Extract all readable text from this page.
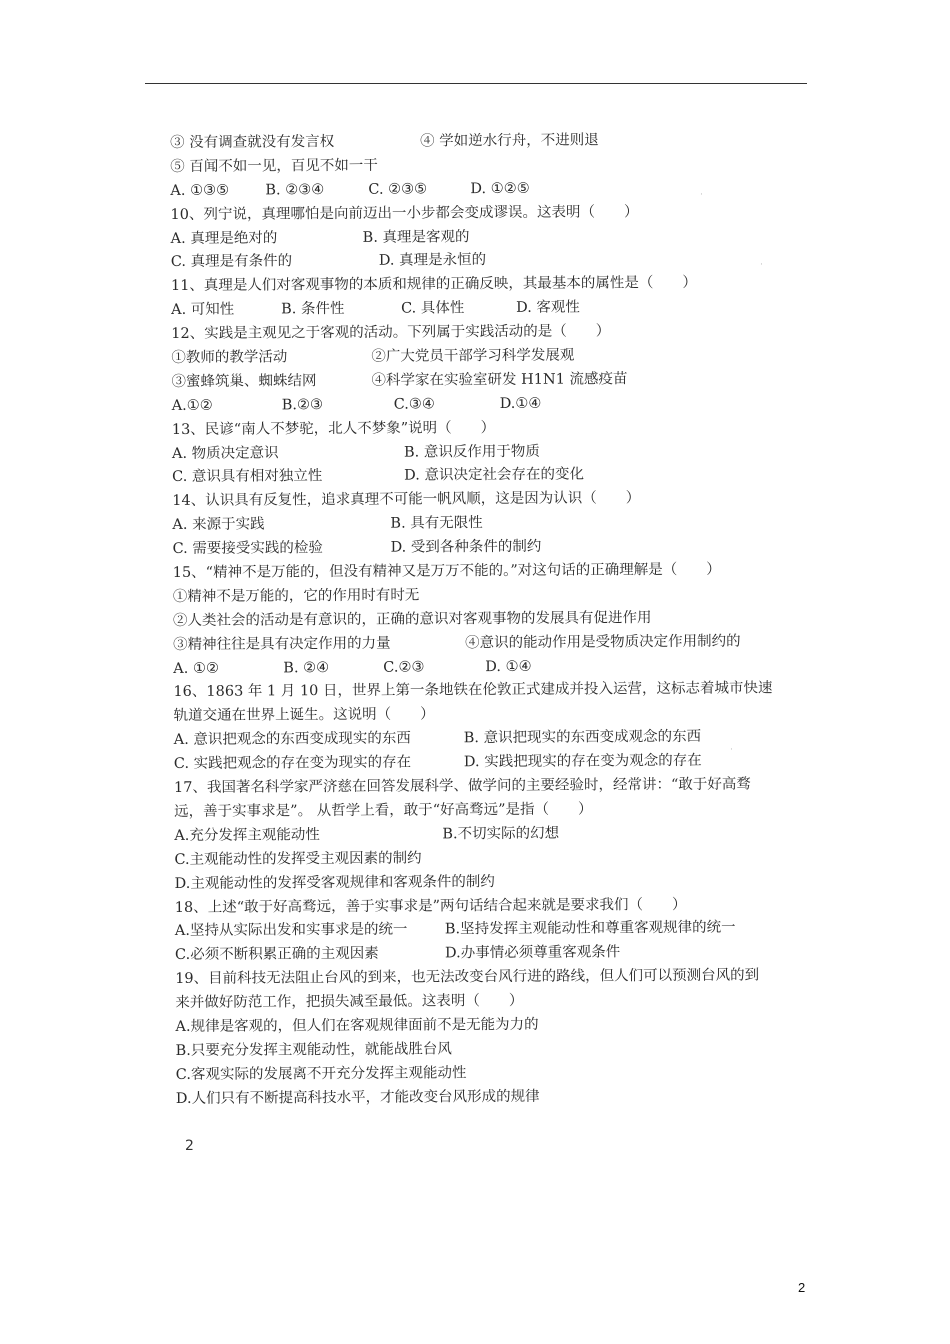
③ 没有调查就没有发言权	④ 学如逆水行舟，不进则退
⑤ 百闻不如一见，百见不如一干
A. ①③⑤ B. ②③④	C. ②③⑤	D. ①②⑤
10、列宁说，真理哪怕是向前迈出一小步都会变成谬误。这表明（　　）
A. 真理是绝对的	B. 真理是客观的
C. 真理是有条件的	D. 真理是永恒的
11、真理是人们对客观事物的本质和规律的正确反映，其最基本的属性是（　　）
A. 可知性	B. 条件性	C. 具体性	D. 客观性
12、实践是主观见之于客观的活动。下列属于实践活动的是（　　）
①教师的教学活动	②广大党员干部学习科学发展观
③蜜蜂筑巢、蜘蛛结网	④科学家在实验室研发 H1N1 流感疫苗
A.①②	B.②③	C.③④	D.①④
13、民谚“南人不梦驼，北人不梦象”说明（　　）
A. 物质决定意识	B. 意识反作用于物质
C. 意识具有相对独立性	D. 意识决定社会存在的变化
14、认识具有反复性，追求真理不可能一帆风顺，这是因为认识（　　）
A. 来源于实践	B. 具有无限性
C. 需要接受实践的检验	D. 受到各种条件的制约
15、“精神不是万能的，但没有精神又是万万不能的。”对这句话的正确理解是（　　）
①精神不是万能的，它的作用时有时无
②人类社会的活动是有意识的，正确的意识对客观事物的发展具有促进作用
③精神往往是具有决定作用的力量	④意识的能动作用是受物质决定作用制约的
A. ①②	B. ②④	C.②③	D. ①④
16、1863 年 1 月 10 日，世界上第一条地铁在伦敦正式建成并投入运营，这标志着城市快速
轨道交通在世界上诞生。这说明（　　）
A. 意识把观念的东西变成现实的东西	B. 意识把现实的东西变成观念的东西
C. 实践把观念的存在变为现实的存在	D. 实践把现实的存在变为观念的存在
17、我国著名科学家严济慈在回答发展科学、做学问的主要经验时，经常讲：“敢于好高骛
远，善于实事求是”。 从哲学上看，敢于“好高骛远”是指（　　）
A.充分发挥主观能动性	B.不切实际的幻想
C.主观能动性的发挥受主观因素的制约
D.主观能动性的发挥受客观规律和客观条件的制约
18、上述“敢于好高骛远，善于实事求是”两句话结合起来就是要求我们（　　）
A.坚持从实际出发和实事求是的统一	B.坚持发挥主观能动性和尊重客观规律的统一
C.必须不断积累正确的主观因素	D.办事情必须尊重客观条件
19、目前科技无法阻止台风的到来，也无法改变台风行进的路线，但人们可以预测台风的到
来并做好防范工作，把损失减至最低。这表明（　　）
A.规律是客观的，但人们在客观规律面前不是无能为力的
B.只要充分发挥主观能动性，就能战胜台风
C.客观实际的发展离不开充分发挥主观能动性
D.人们只有不断提高科技水平，才能改变台风形成的规律
2
2
·
·
·
